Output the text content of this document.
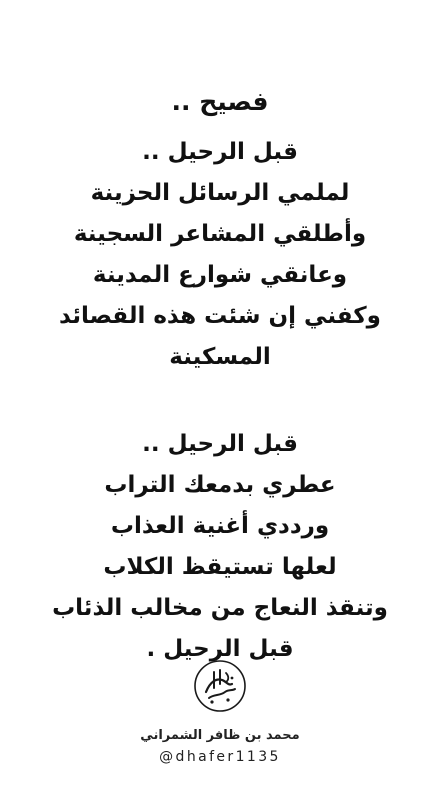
فصيح ..
قبل الرحيل ..
لملمي الرسائل الحزينة
وأطلقي المشاعر السجينة
وعانقي شوارع المدينة
وكفني إن شئت هذه القصائد
المسكينة
قبل الرحيل ..
عطري بدمعك التراب
ورددي أغنية العذاب
لعلها تستيقظ الكلاب
وتنقذ النعاج من مخالب الذئاب
قبل الرحيل .
محمد بن ظافر الشمراني
@dhafer1135
